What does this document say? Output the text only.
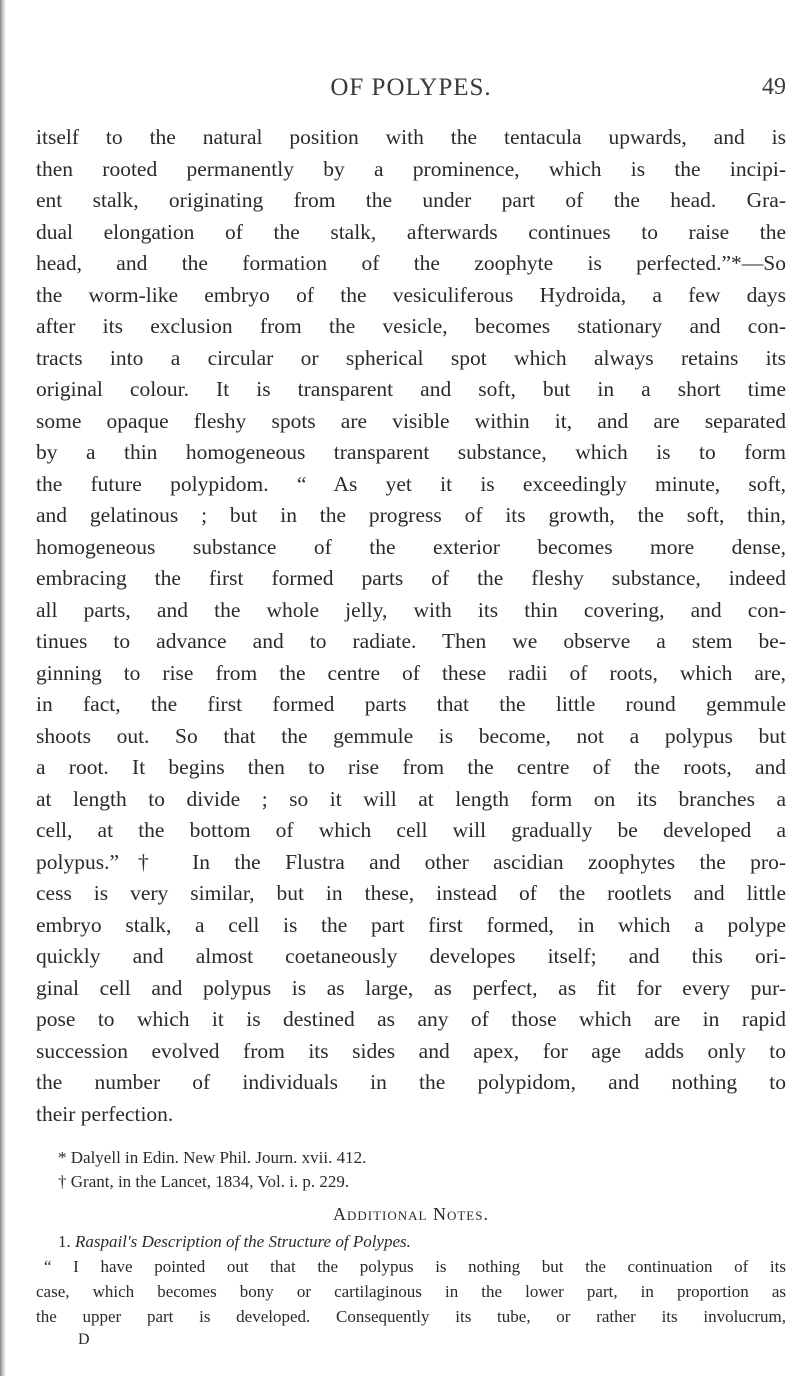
OF POLYPES.	49
itself to the natural position with the tentacula upwards, and is
then rooted permanently by a prominence, which is the incipi-
ent stalk, originating from the under part of the head. Gra-
dual elongation of the stalk, afterwards continues to raise the
head, and the formation of the zoophyte is perfected.”*—So
the worm-like embryo of the vesiculiferous Hydroida, a few days
after its exclusion from the vesicle, becomes stationary and con-
tracts into a circular or spherical spot which always retains its
original colour. It is transparent and soft, but in a short time
some opaque fleshy spots are visible within it, and are separated
by a thin homogeneous transparent substance, which is to form
the future polypidom. “ As yet it is exceedingly minute, soft,
and gelatinous ; but in the progress of its growth, the soft, thin,
homogeneous substance of the exterior becomes more dense,
embracing the first formed parts of the fleshy substance, indeed
all parts, and the whole jelly, with its thin covering, and con-
tinues to advance and to radiate. Then we observe a stem be-
ginning to rise from the centre of these radii of roots, which are,
in fact, the first formed parts that the little round gemmule
shoots out. So that the gemmule is become, not a polypus but
a root. It begins then to rise from the centre of the roots, and
at length to divide ; so it will at length form on its branches a
cell, at the bottom of which cell will gradually be developed a
polypus.”† In the Flustra and other ascidian zoophytes the pro-
cess is very similar, but in these, instead of the rootlets and little
embryo stalk, a cell is the part first formed, in which a polype
quickly and almost coetaneously developes itself; and this ori-
ginal cell and polypus is as large, as perfect, as fit for every pur-
pose to which it is destined as any of those which are in rapid
succession evolved from its sides and apex, for age adds only to
the number of individuals in the polypidom, and nothing to
their perfection.
* Dalyell in Edin. New Phil. Journ. xvii. 412.
† Grant, in the Lancet, 1834, Vol. i. p. 229.
Additional Notes.
1. Raspail's Description of the Structure of Polypes.
“ I have pointed out that the polypus is nothing but the continuation of its
case, which becomes bony or cartilaginous in the lower part, in proportion as
the upper part is developed. Consequently its tube, or rather its involucrum,
D
